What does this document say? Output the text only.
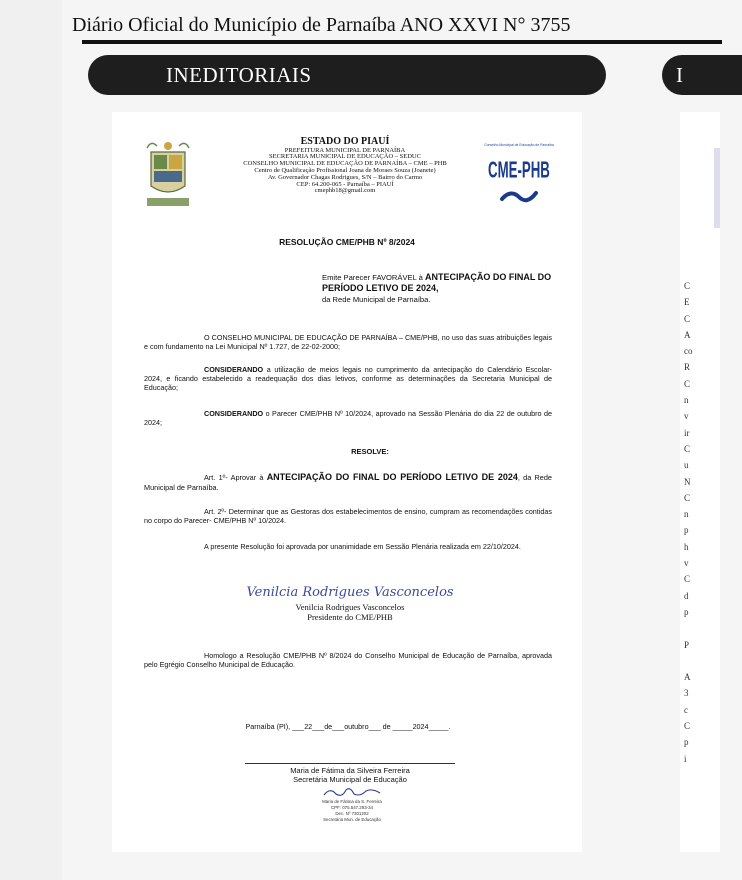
Diário Oficial do Município de Parnaíba ANO XXVI N° 3755
INEDITORIAIS	I
C
E
C
A
co
R
C
n
v
ir
C
u
N
C
n
p
h
v
C
d
p
P
A
3
c
C
p
i
ESTADO DO PIAUÍ
PREFEITURA MUNICIPAL DE PARNAÍBA
SECRETARIA MUNICIPAL DE EDUCAÇÃO – SEDUC
CONSELHO MUNICIPAL DE EDUCAÇÃO DE PARNAÍBA – CME – PHB
Centro de Qualificação Profissional Joana de Moraes Souza (Joanete)
Av. Governador Chagas Rodrigues, S/N – Bairro do Carmo
CEP: 64.200-065 - Parnaíba – PIAUÍ
cmephb18@gmail.com
Conselho Municipal de Educação de Parnaíba
CME-PHB
RESOLUÇÃO CME/PHB Nº 8/2024
Emite Parecer FAVORÁVEL à ANTECIPAÇÃO DO FINAL DO PERÍODO LETIVO DE 2024,
da Rede Municipal de Parnaíba.
O CONSELHO MUNICIPAL DE EDUCAÇÃO DE PARNAÍBA – CME/PHB, no uso das suas atribuições legais e com fundamento na Lei Municipal Nº 1.727, de 22-02-2000;
CONSIDERANDO a utilização de meios legais no cumprimento da antecipação do Calendário Escolar- 2024, e ficando estabelecido a readequação dos dias letivos, conforme as determinações da Secretaria Municipal de Educação;
CONSIDERANDO o Parecer CME/PHB Nº 10/2024, aprovado na Sessão Plenária do dia 22 de outubro de 2024;
RESOLVE:
Art. 1º- Aprovar à ANTECIPAÇÃO DO FINAL DO PERÍODO LETIVO DE 2024, da Rede Municipal de Parnaíba.
Art. 2º- Determinar que as Gestoras dos estabelecimentos de ensino, cumpram as recomendações contidas no corpo do Parecer- CME/PHB Nº 10/2024.
A presente Resolução foi aprovada por unanimidade em Sessão Plenária realizada em 22/10/2024.
Venilcia Rodrigues Vasconcelos
Venilcia Rodrigues Vasconcelos
Presidente do CME/PHB
Homologo a Resolução CME/PHB Nº 8/2024 do Conselho Municipal de Educação de Parnaíba, aprovada pelo Egrégio Conselho Municipal de Educação.
Parnaíba (PI), ___22___de___outubro___ de _____2024_____.
Maria de Fátima da Silveira Ferreira
Secretária Municipal de Educação
Maria de Fátima da S. Ferreira
CPF: 075.547.293-34
Dec. Nº 7301202
Secretária Mun. de Educação
